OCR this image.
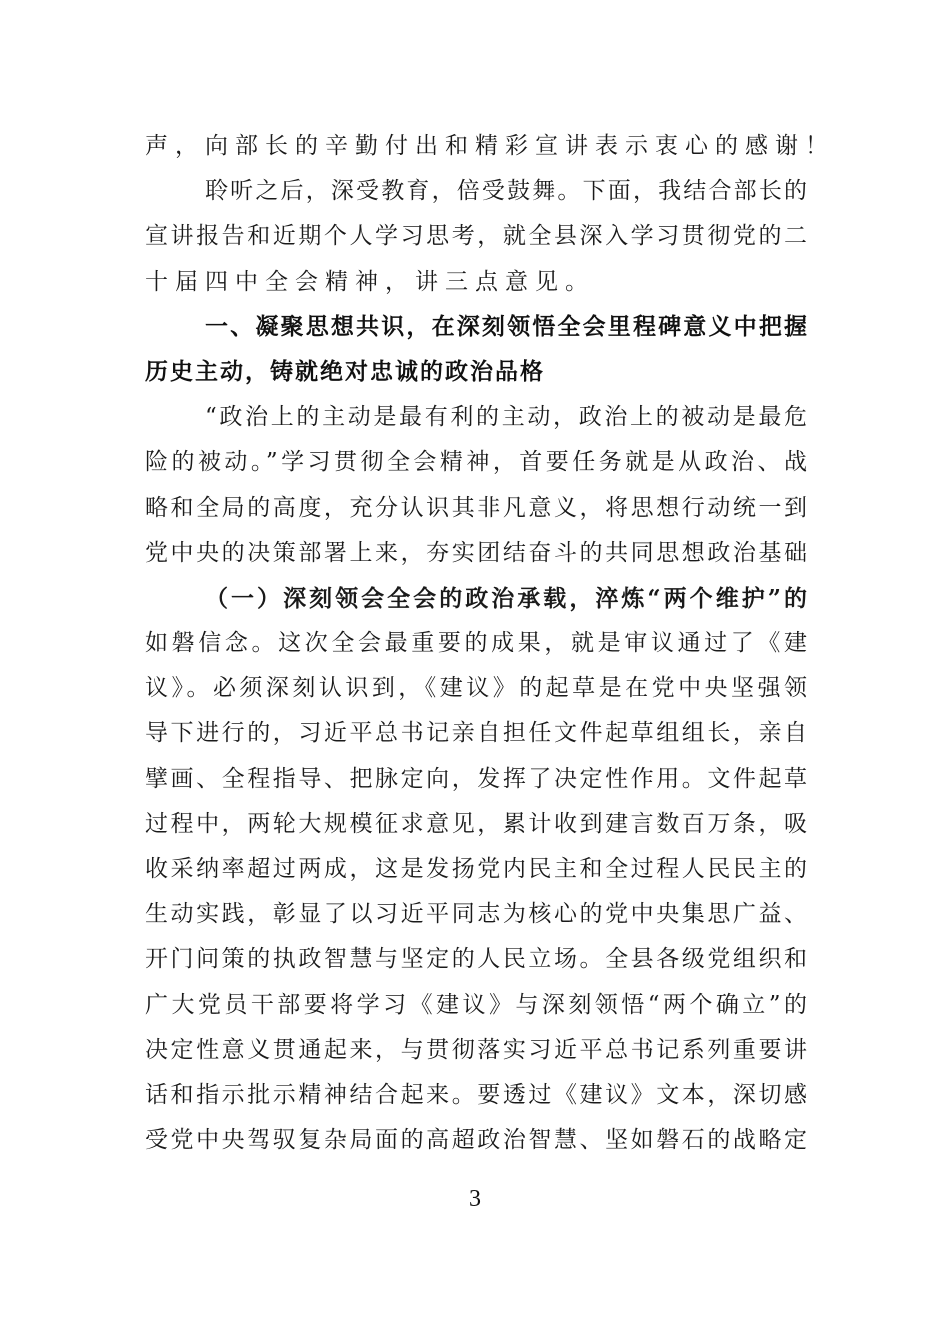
声，向部长的辛勤付出和精彩宣讲表示衷心的感谢！
聆听之后，深受教育，倍受鼓舞。下面，我结合部长的
宣讲报告和近期个人学习思考，就全县深入学习贯彻党的二
十届四中全会精神，讲三点意见。
一、凝聚思想共识，在深刻领悟全会里程碑意义中把握
历史主动，铸就绝对忠诚的政治品格
“政治上的主动是最有利的主动，政治上的被动是最危
险的被动。”学习贯彻全会精神，首要任务就是从政治、战
略和全局的高度，充分认识其非凡意义，将思想行动统一到
党中央的决策部署上来，夯实团结奋斗的共同思想政治基础
（一）深刻领会全会的政治承载，淬炼“两个维护”的
如磐信念。这次全会最重要的成果，就是审议通过了《建
议》。必须深刻认识到，《建议》的起草是在党中央坚强领
导下进行的，习近平总书记亲自担任文件起草组组长，亲自
擘画、全程指导、把脉定向，发挥了决定性作用。文件起草
过程中，两轮大规模征求意见，累计收到建言数百万条，吸
收采纳率超过两成，这是发扬党内民主和全过程人民民主的
生动实践，彰显了以习近平同志为核心的党中央集思广益、
开门问策的执政智慧与坚定的人民立场。全县各级党组织和
广大党员干部要将学习《建议》与深刻领悟“两个确立”的
决定性意义贯通起来，与贯彻落实习近平总书记系列重要讲
话和指示批示精神结合起来。要透过《建议》文本，深切感
受党中央驾驭复杂局面的高超政治智慧、坚如磐石的战略定
3
